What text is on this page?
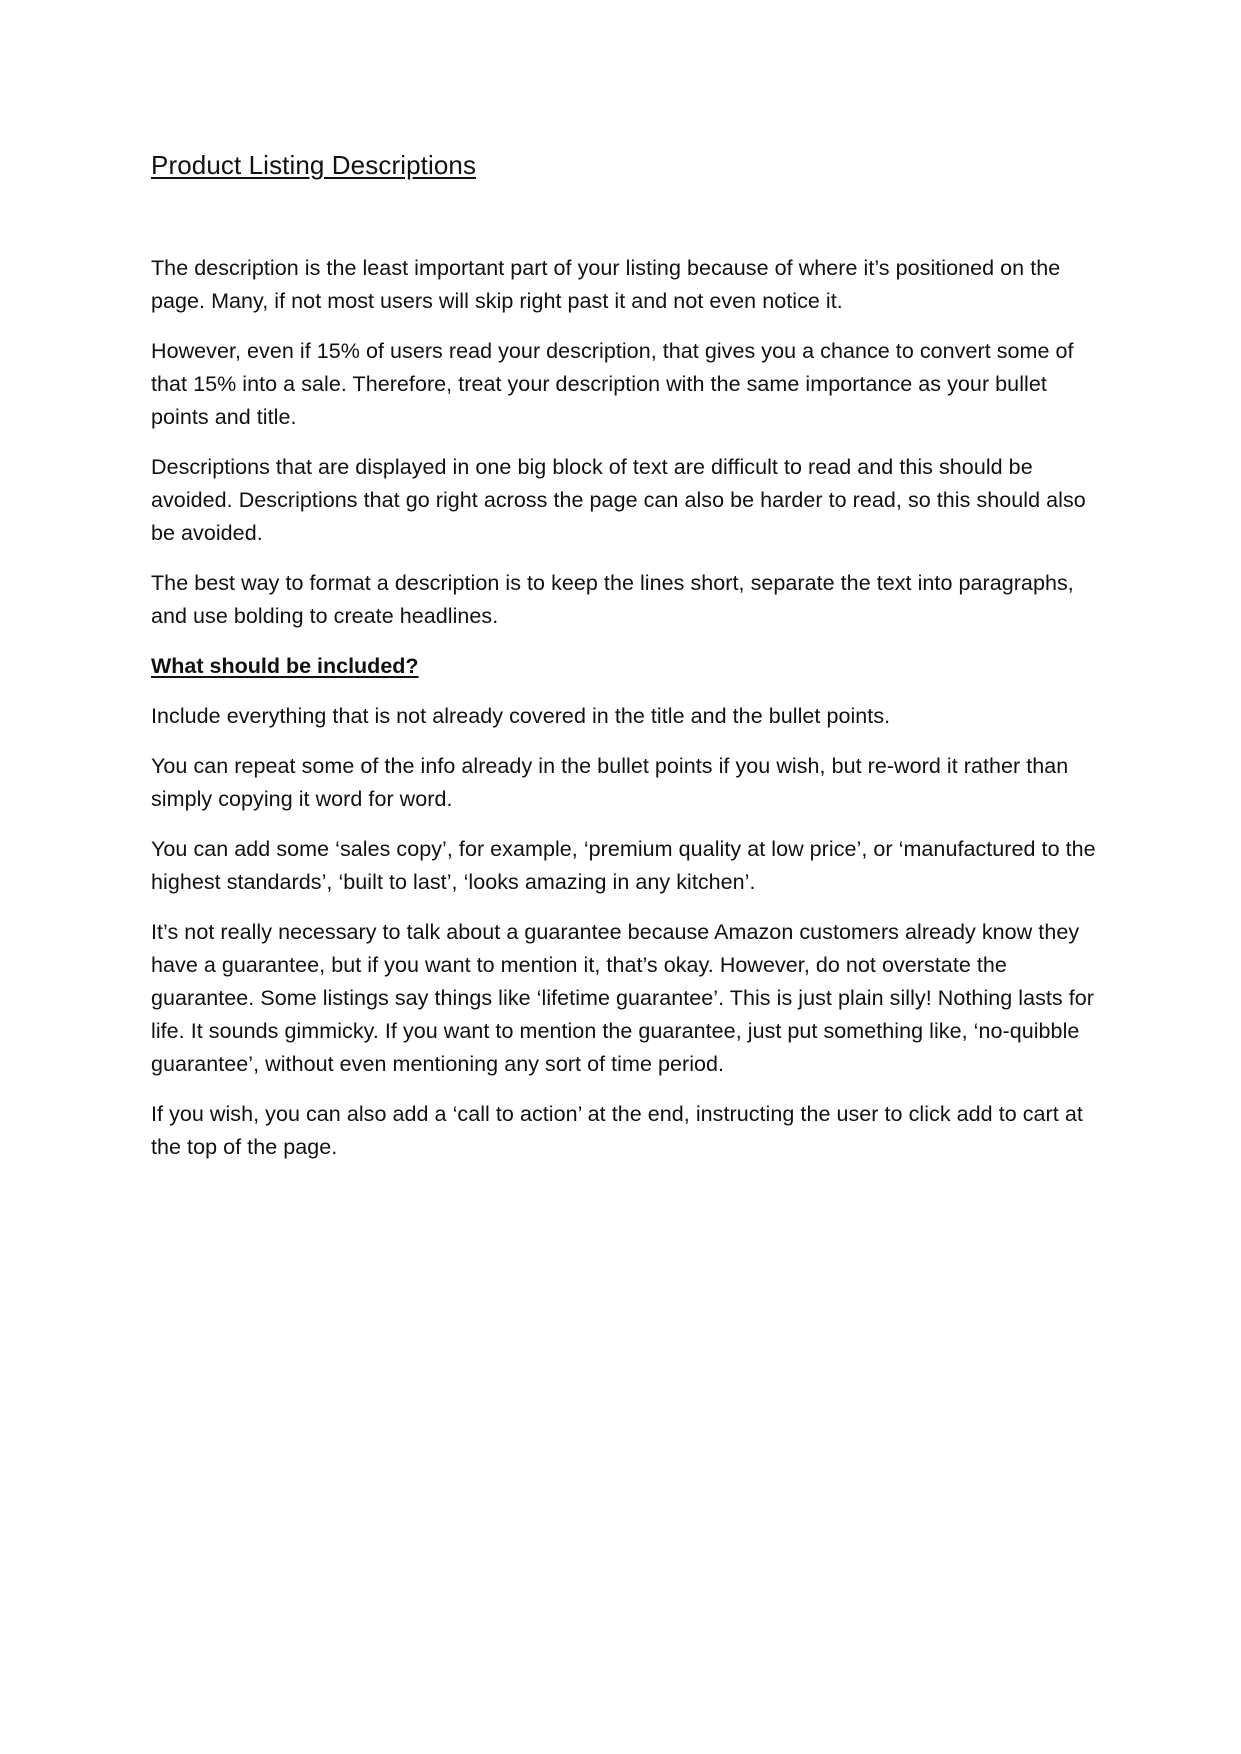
Product Listing Descriptions

The description is the least important part of your listing because of where it’s positioned on the page. Many, if not most users will skip right past it and not even notice it.

However, even if 15% of users read your description, that gives you a chance to convert some of that 15% into a sale. Therefore, treat your description with the same importance as your bullet points and title.

Descriptions that are displayed in one big block of text are difficult to read and this should be avoided. Descriptions that go right across the page can also be harder to read, so this should also be avoided.

The best way to format a description is to keep the lines short, separate the text into paragraphs, and use bolding to create headlines.

What should be included?

Include everything that is not already covered in the title and the bullet points.

You can repeat some of the info already in the bullet points if you wish, but re-word it rather than simply copying it word for word.

You can add some ‘sales copy’, for example, ‘premium quality at low price’, or ‘manufactured to the highest standards’, ‘built to last’, ‘looks amazing in any kitchen’.

It’s not really necessary to talk about a guarantee because Amazon customers already know they have a guarantee, but if you want to mention it, that’s okay. However, do not overstate the guarantee. Some listings say things like ‘lifetime guarantee’. This is just plain silly! Nothing lasts for life. It sounds gimmicky. If you want to mention the guarantee, just put something like, ‘no-quibble guarantee’, without even mentioning any sort of time period.

If you wish, you can also add a ‘call to action’ at the end, instructing the user to click add to cart at the top of the page.
